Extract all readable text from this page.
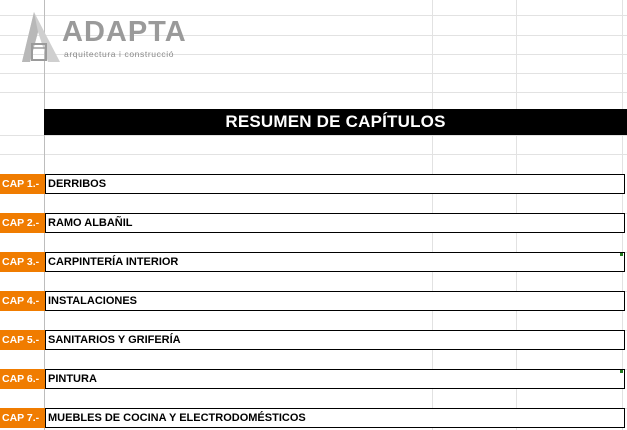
ADAPTA
arquitectura i construcció
RESUMEN DE CAPÍTULOS
CAP 1.- DERRIBOS
CAP 2.- RAMO ALBAÑIL
CAP 3.- CARPINTERÍA INTERIOR
CAP 4.- INSTALACIONES
CAP 5.- SANITARIOS Y GRIFERÍA
CAP 6.- PINTURA
CAP 7.- MUEBLES DE COCINA Y ELECTRODOMÉSTICOS
